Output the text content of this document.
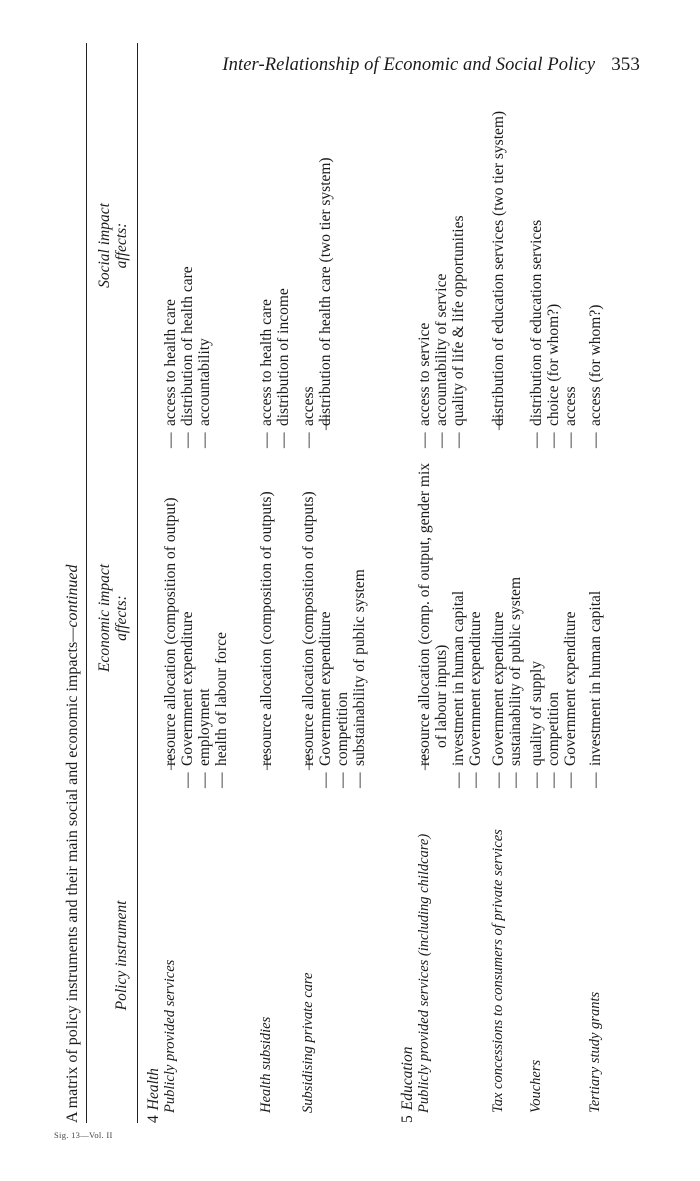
Inter-Relationship of Economic and Social Policy 353
A matrix of policy instruments and their main social and economic impacts—continued
Policy instrument
Economic impact affects:
Social impact affects:
4Health Publicly provided services
— resource allocation (composition of output) — Government expenditure — employment — health of labour force
— access to health care — distribution of health care — accountability
Health subsidies
— resource allocation (composition of outputs)
— access to health care — distribution of income
Subsidising private care
— resource allocation (composition of outputs) — Government expenditure — competition — substainability of public system
— access — distribution of health care (two tier system)
5Education Publicly provided services (including childcare)
— resource allocation (comp. of output, gender mix of labour inputs) — investment in human capital — Government expenditure
— access to service — accountability of service — quality of life & life opportunities
Tax concessions to consumers of private services
— Government expenditure — sustainability of public system
— distribution of education services (two tier system)
Vouchers
— quality of supply — competition — Government expenditure
— distribution of education services — choice (for whom?) — access
Tertiary study grants
— investment in human capital
— access (for whom?)
Sig. 13—Vol. II
